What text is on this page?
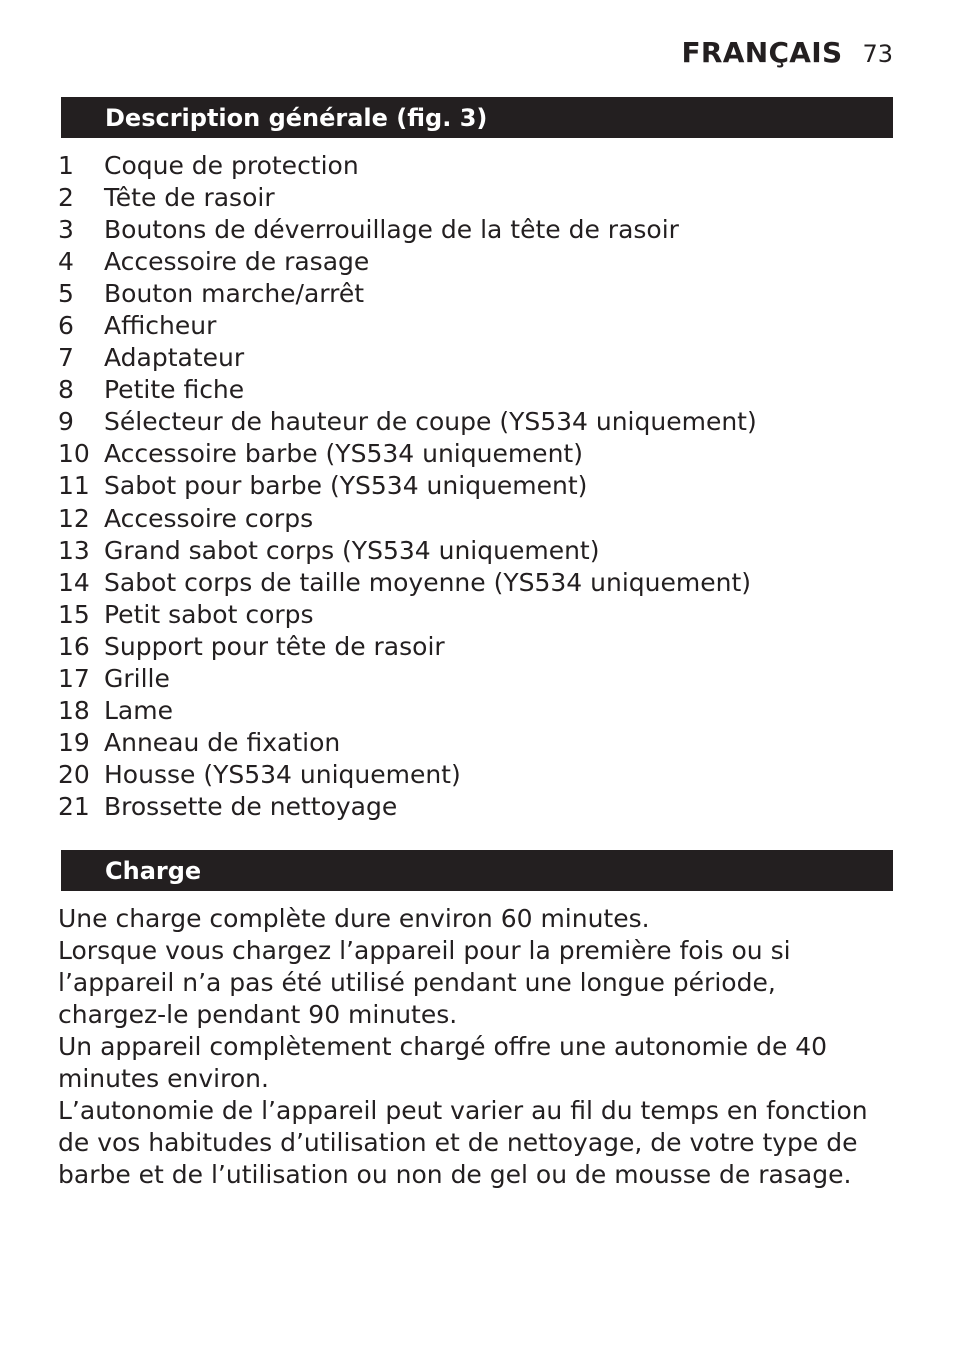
FRANÇAIS 73
Description générale (fig. 3)
1	Coque de protection
2	Tête de rasoir
3	Boutons de déverrouillage de la tête de rasoir
4	Accessoire de rasage
5	Bouton marche/arrêt
6	Afficheur
7	Adaptateur
8	Petite fiche
9	Sélecteur de hauteur de coupe (YS534 uniquement)
10 Accessoire barbe (YS534 uniquement)
11 Sabot pour barbe (YS534 uniquement)
12 Accessoire corps
13 Grand sabot corps (YS534 uniquement)
14 Sabot corps de taille moyenne (YS534 uniquement)
15 Petit sabot corps
16 Support pour tête de rasoir
17 Grille
18 Lame
19 Anneau de fixation
20 Housse (YS534 uniquement)
21 Brossette de nettoyage
Charge

Une charge complète dure environ 60 minutes.

Lorsque vous chargez l’appareil pour la première fois ou si l’appareil n’a pas été utilisé pendant une longue période, chargez-le pendant 90 minutes.

Un appareil complètement chargé offre une autonomie de 40 minutes environ.

L’autonomie de l’appareil peut varier au fil du temps en fonction de vos habitudes d’utilisation et de nettoyage, de votre type de barbe et de l’utilisation ou non de gel ou de mousse de rasage.
